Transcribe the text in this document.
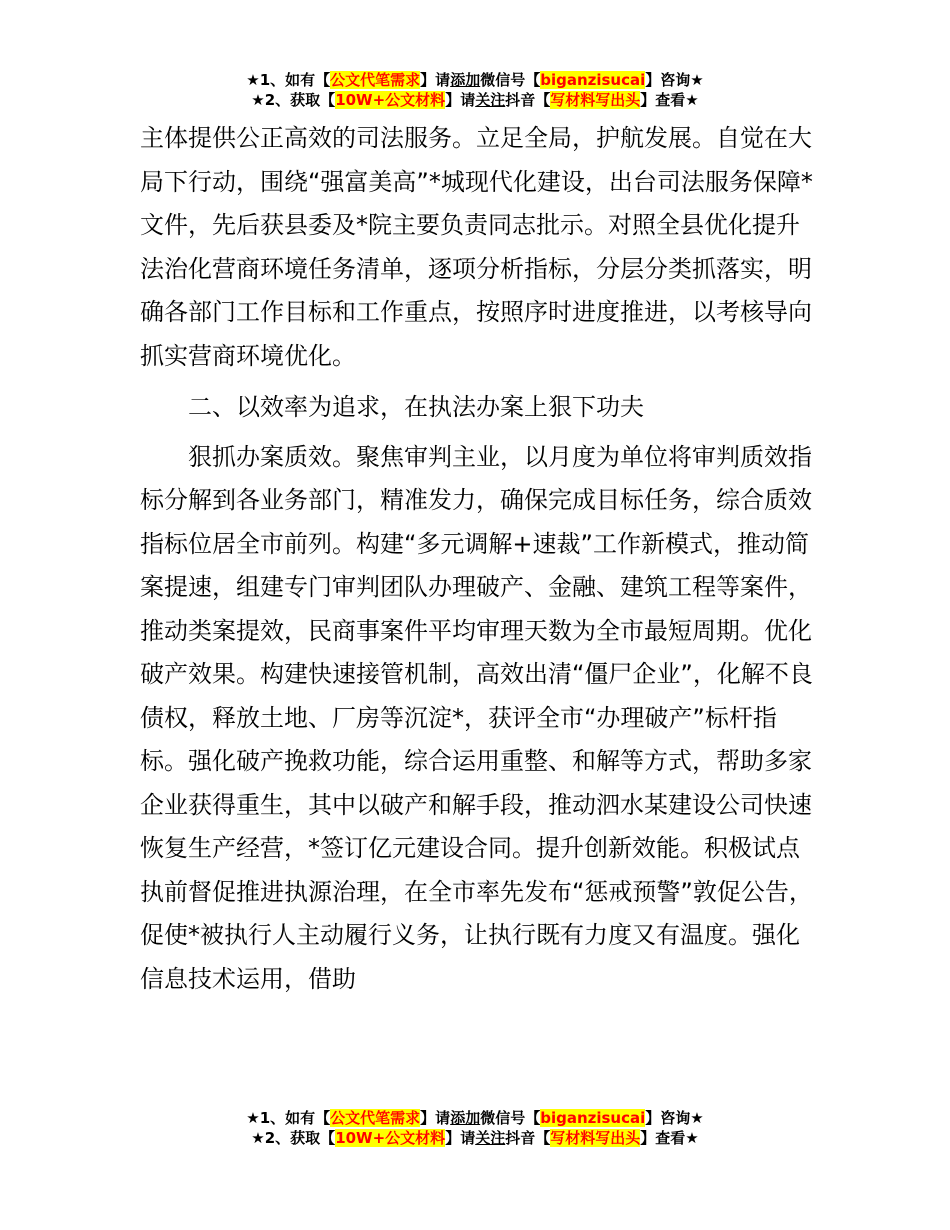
★1、如有【公文代笔需求】请添加微信号【biganzisucai】咨询★
★2、获取【10W+公文材料】请关注抖音【写材料写出头】查看★

主体提供公正高效的司法服务。立足全局，护航发展。自觉在大局下行动，围绕“强富美高”*城现代化建设，出台司法服务保障*文件，先后获县委及*院主要负责同志批示。对照全县优化提升法治化营商环境任务清单，逐项分析指标，分层分类抓落实，明确各部门工作目标和工作重点，按照序时进度推进，以考核导向抓实营商环境优化。

二、以效率为追求，在执法办案上狠下功夫

狠抓办案质效。聚焦审判主业，以月度为单位将审判质效指标分解到各业务部门，精准发力，确保完成目标任务，综合质效指标位居全市前列。构建“多元调解+速裁”工作新模式，推动简案提速，组建专门审判团队办理破产、金融、建筑工程等案件，推动类案提效，民商事案件平均审理天数为全市最短周期。优化破产效果。构建快速接管机制，高效出清“僵尸企业”，化解不良债权，释放土地、厂房等沉淀*，获评全市“办理破产”标杆指标。强化破产挽救功能，综合运用重整、和解等方式，帮助多家企业获得重生，其中以破产和解手段，推动泗水某建设公司快速恢复生产经营，*签订亿元建设合同。提升创新效能。积极试点执前督促推进执源治理，在全市率先发布“惩戒预警”敦促公告，促使*被执行人主动履行义务，让执行既有力度又有温度。强化信息技术运用，借助

★1、如有【公文代笔需求】请添加微信号【biganzisucai】咨询★
★2、获取【10W+公文材料】请关注抖音【写材料写出头】查看★
